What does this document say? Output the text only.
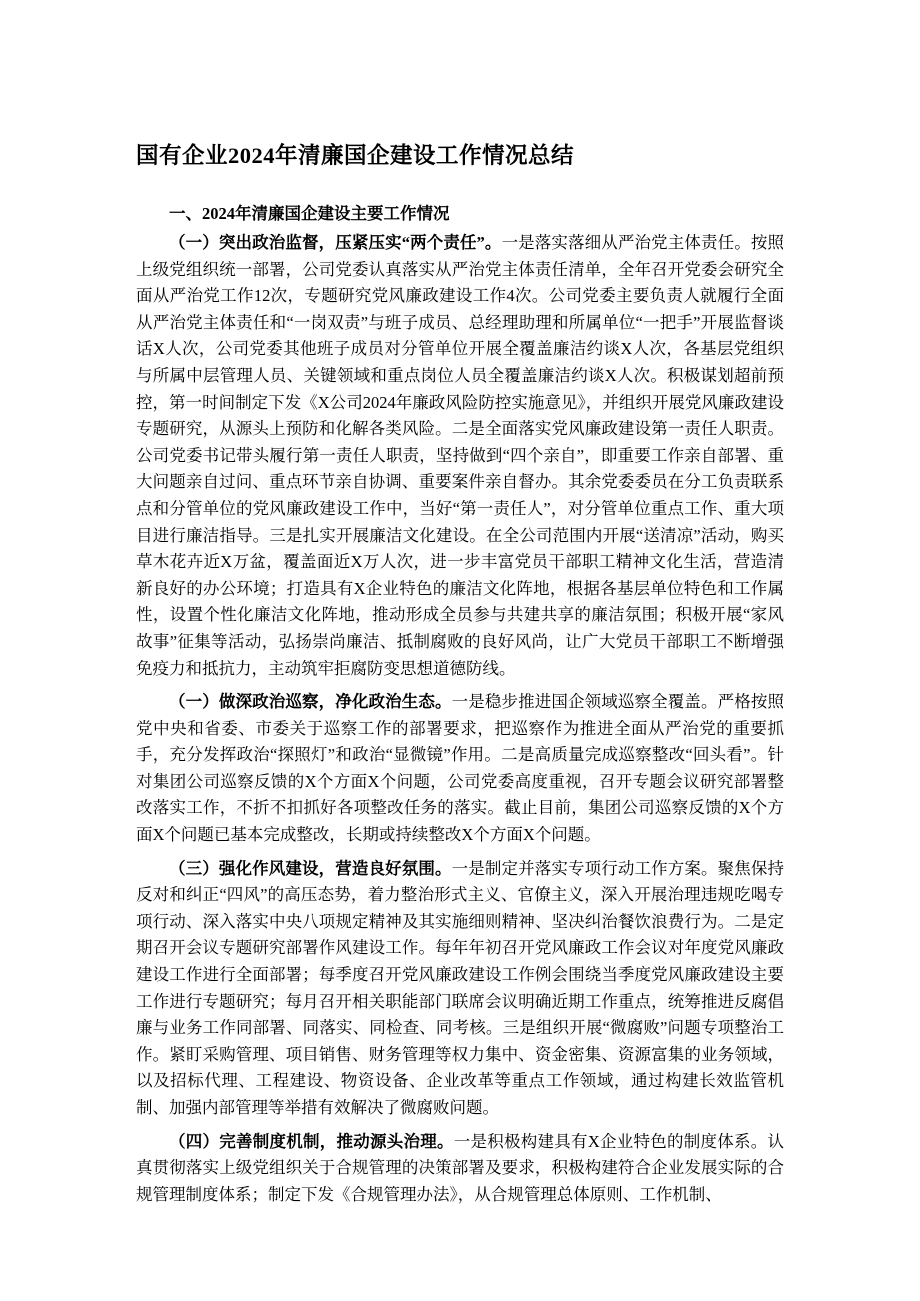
国有企业2024年清廉国企建设工作情况总结
一、2024年清廉国企建设主要工作情况

（一）突出政治监督，压紧压实“两个责任”。一是落实落细从严治党主体责任。按照上级党组织统一部署，公司党委认真落实从严治党主体责任清单，全年召开党委会研究全面从严治党工作12次，专题研究党风廉政建设工作4次。公司党委主要负责人就履行全面从严治党主体责任和“一岗双责”与班子成员、总经理助理和所属单位“一把手”开展监督谈话X人次，公司党委其他班子成员对分管单位开展全覆盖廉洁约谈X人次，各基层党组织与所属中层管理人员、关键领域和重点岗位人员全覆盖廉洁约谈X人次。积极谋划超前预控，第一时间制定下发《X公司2024年廉政风险防控实施意见》，并组织开展党风廉政建设专题研究，从源头上预防和化解各类风险。二是全面落实党风廉政建设第一责任人职责。公司党委书记带头履行第一责任人职责，坚持做到“四个亲自”，即重要工作亲自部署、重大问题亲自过问、重点环节亲自协调、重要案件亲自督办。其余党委委员在分工负责联系点和分管单位的党风廉政建设工作中，当好“第一责任人”，对分管单位重点工作、重大项目进行廉洁指导。三是扎实开展廉洁文化建设。在全公司范围内开展“送清凉”活动，购买草木花卉近X万盆，覆盖面近X万人次，进一步丰富党员干部职工精神文化生活，营造清新良好的办公环境；打造具有X企业特色的廉洁文化阵地，根据各基层单位特色和工作属性，设置个性化廉洁文化阵地，推动形成全员参与共建共享的廉洁氛围；积极开展“家风故事”征集等活动，弘扬崇尚廉洁、抵制腐败的良好风尚，让广大党员干部职工不断增强免疫力和抵抗力，主动筑牢拒腐防变思想道德防线。

（一）做深政治巡察，净化政治生态。一是稳步推进国企领域巡察全覆盖。严格按照党中央和省委、市委关于巡察工作的部署要求，把巡察作为推进全面从严治党的重要抓手，充分发挥政治“探照灯”和政治“显微镜”作用。二是高质量完成巡察整改“回头看”。针对集团公司巡察反馈的X个方面X个问题，公司党委高度重视，召开专题会议研究部署整改落实工作，不折不扣抓好各项整改任务的落实。截止目前，集团公司巡察反馈的X个方面X个问题已基本完成整改，长期或持续整改X个方面X个问题。

（三）强化作风建设，营造良好氛围。一是制定并落实专项行动工作方案。聚焦保持反对和纠正“四风”的高压态势，着力整治形式主义、官僚主义，深入开展治理违规吃喝专项行动、深入落实中央八项规定精神及其实施细则精神、坚决纠治餐饮浪费行为。二是定期召开会议专题研究部署作风建设工作。每年年初召开党风廉政工作会议对年度党风廉政建设工作进行全面部署；每季度召开党风廉政建设工作例会围绕当季度党风廉政建设主要工作进行专题研究；每月召开相关职能部门联席会议明确近期工作重点，统筹推进反腐倡廉与业务工作同部署、同落实、同检查、同考核。三是组织开展“微腐败”问题专项整治工作。紧盯采购管理、项目销售、财务管理等权力集中、资金密集、资源富集的业务领域，以及招标代理、工程建设、物资设备、企业改革等重点工作领域，通过构建长效监管机制、加强内部管理等举措有效解决了微腐败问题。

（四）完善制度机制，推动源头治理。一是积极构建具有X企业特色的制度体系。认真贯彻落实上级党组织关于合规管理的决策部署及要求，积极构建符合企业发展实际的合规管理制度体系；制定下发《合规管理办法》，从合规管理总体原则、工作机制、
